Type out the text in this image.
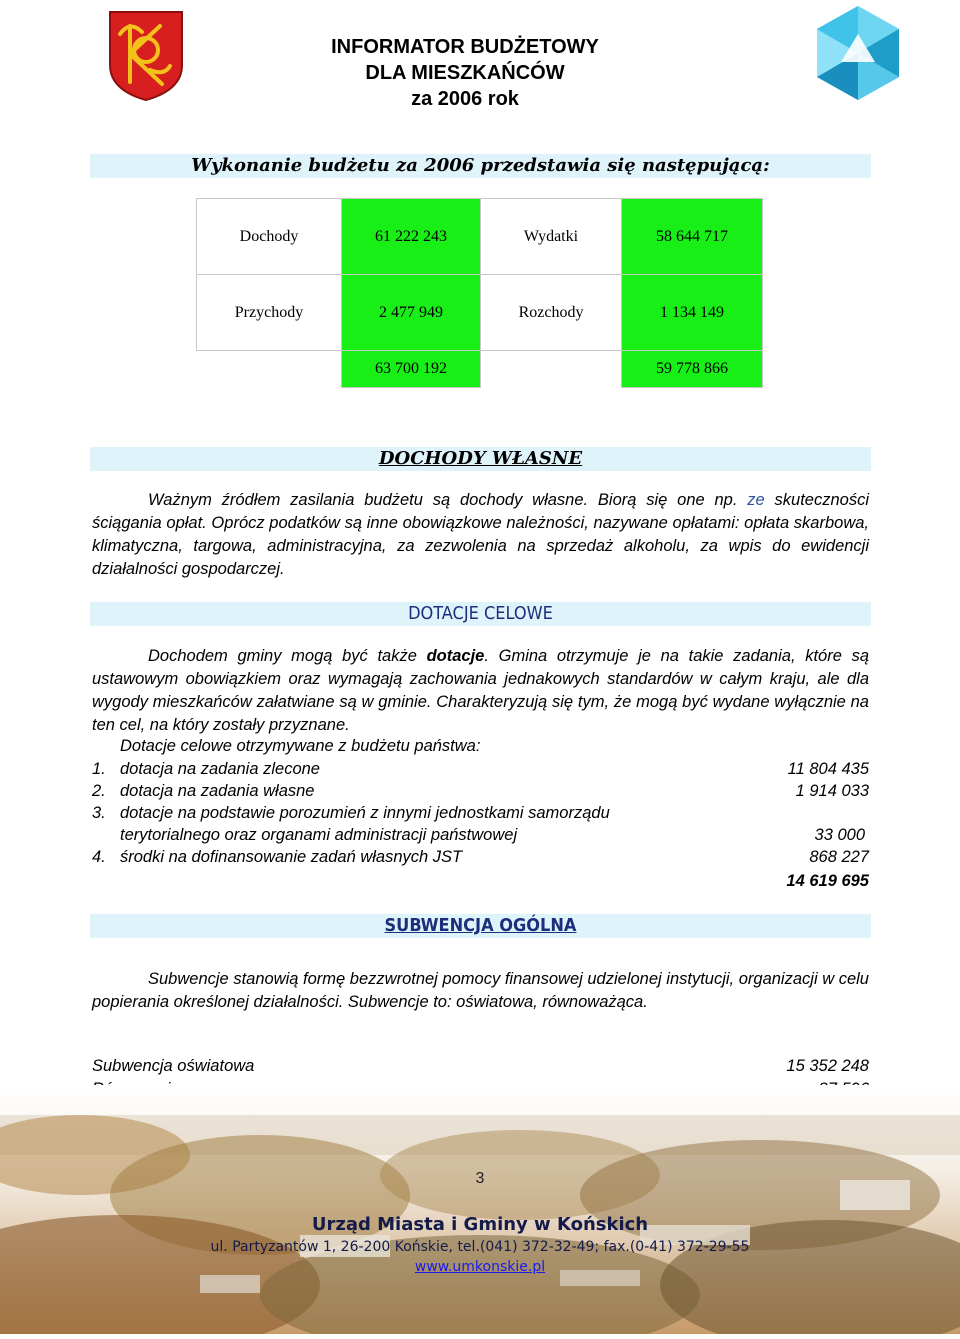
INFORMATOR BUDŻETOWY
DLA MIESZKAŃCÓW
za 2006 rok
Wykonanie budżetu za 2006 przedstawia się następującą:
Dochody	61 222 243	Wydatki	58 644 717
Przychody	2 477 949	Rozchody	1 134 149
	63 700 192		59 778 866
DOCHODY WŁASNE
Ważnym źródłem zasilania budżetu są dochody własne. Biorą się one np. ze skuteczności ściągania opłat. Oprócz podatków są inne obowiązkowe należności, nazywane opłatami: opłata skarbowa, klimatyczna, targowa, administracyjna, za zezwolenia na sprzedaż alkoholu, za wpis do ewidencji działalności gospodarczej.
DOTACJE CELOWE
Dochodem gminy mogą być także dotacje. Gmina otrzymuje je na takie zadania, które są ustawowym obowiązkiem oraz wymagają zachowania jednakowych standardów w całym kraju, ale dla wygody mieszkańców załatwiane są w gminie. Charakteryzują się tym, że mogą być wydane wyłącznie na ten cel, na który zostały przyznane.
Dotacje celowe otrzymywane z budżetu państwa:
1. dotacja na zadania zlecone	11 804 435
2. dotacja na zadania własne	1 914 033
3. dotacje na podstawie porozumień z innymi jednostkami samorządu
terytorialnego oraz organami administracji państwowej	33 000
4. środki na dofinansowanie zadań własnych JST	868 227
14 619 695
SUBWENCJA OGÓLNA
Subwencje stanowią formę bezzwrotnej pomocy finansowej udzielonej instytucji, organizacji w celu popierania określonej działalności. Subwencje to: oświatowa, równoważąca.
Subwencja oświatowa	15 352 248
3
Urząd Miasta i Gminy w Końskich
ul. Partyzantów 1, 26-200 Końskie, tel.(041) 372-32-49; fax.(0-41) 372-29-55
www.umkonskie.pl
